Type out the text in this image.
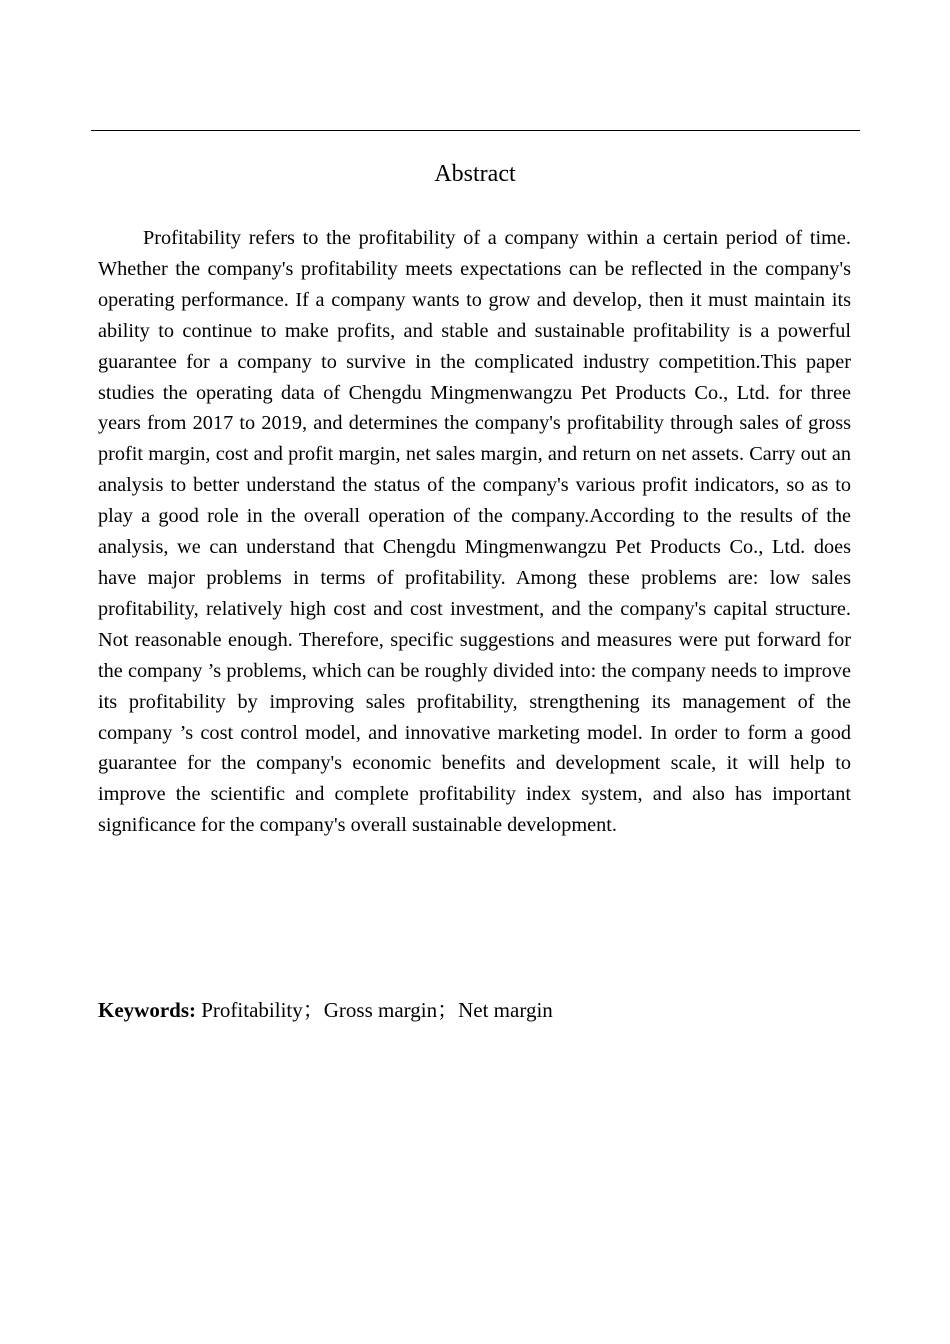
Abstract

Profitability refers to the profitability of a company within a certain period of time. Whether the company's profitability meets expectations can be reflected in the company's operating performance. If a company wants to grow and develop, then it must maintain its ability to continue to make profits, and stable and sustainable profitability is a powerful guarantee for a company to survive in the complicated industry competition.This paper studies the operating data of Chengdu Mingmenwangzu Pet Products Co., Ltd. for three years from 2017 to 2019, and determines the company's profitability through sales of gross profit margin, cost and profit margin, net sales margin, and return on net assets. Carry out an analysis to better understand the status of the company's various profit indicators, so as to play a good role in the overall operation of the company.According to the results of the analysis, we can understand that Chengdu Mingmenwangzu Pet Products Co., Ltd. does have major problems in terms of profitability. Among these problems are: low sales profitability, relatively high cost and cost investment, and the company's capital structure. Not reasonable enough. Therefore, specific suggestions and measures were put forward for the company ’s problems, which can be roughly divided into: the company needs to improve its profitability by improving sales profitability, strengthening its management of the company ’s cost control model, and innovative marketing model. In order to form a good guarantee for the company's economic benefits and development scale, it will help to improve the scientific and complete profitability index system, and also has important significance for the company's overall sustainable development.

Keywords: Profitability；Gross margin；Net margin
